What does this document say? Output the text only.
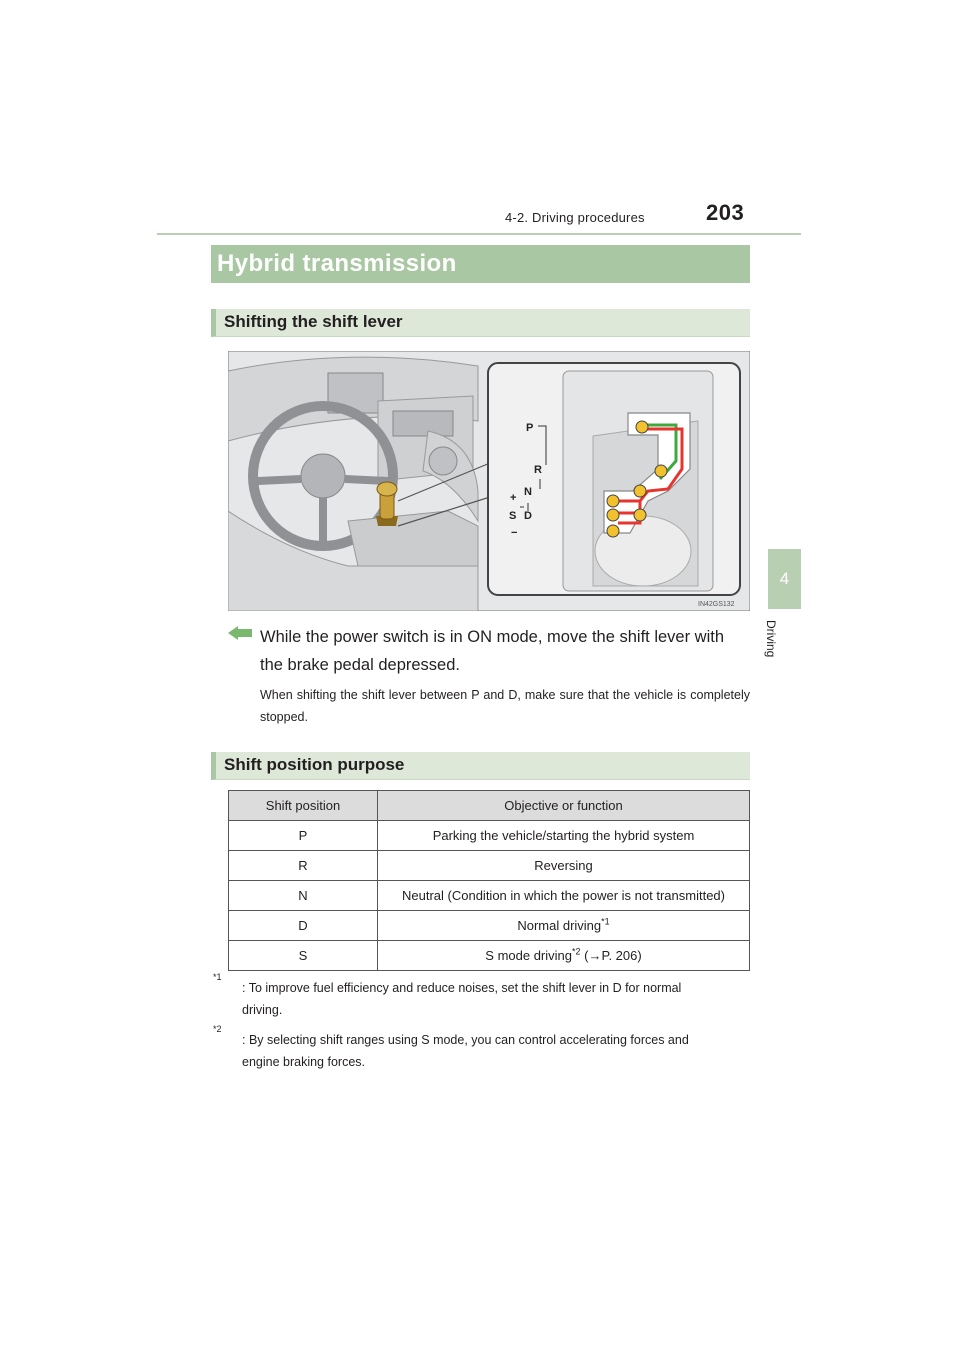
4-2. Driving procedures	203
4
Driving
Hybrid transmission
Shifting the shift lever
P
R
N
D
+
S
−
IN42GS132
While the power switch is in ON mode, move the shift lever with the brake pedal depressed.
When shifting the shift lever between P and D, make sure that the vehicle is completely stopped.
Shift position purpose
Shift position	Objective or function
P	Parking the vehicle/starting the hybrid system
R	Reversing
N	Neutral (Condition in which the power is not transmitted)
D	Normal driving$^{*1}$
S	S mode driving$^{*2}$ (→P. 206)
*1
: To improve fuel efficiency and reduce noises, set the shift lever in D for normal
driving.
*2
: By selecting shift ranges using S mode, you can control accelerating forces and
engine braking forces.
